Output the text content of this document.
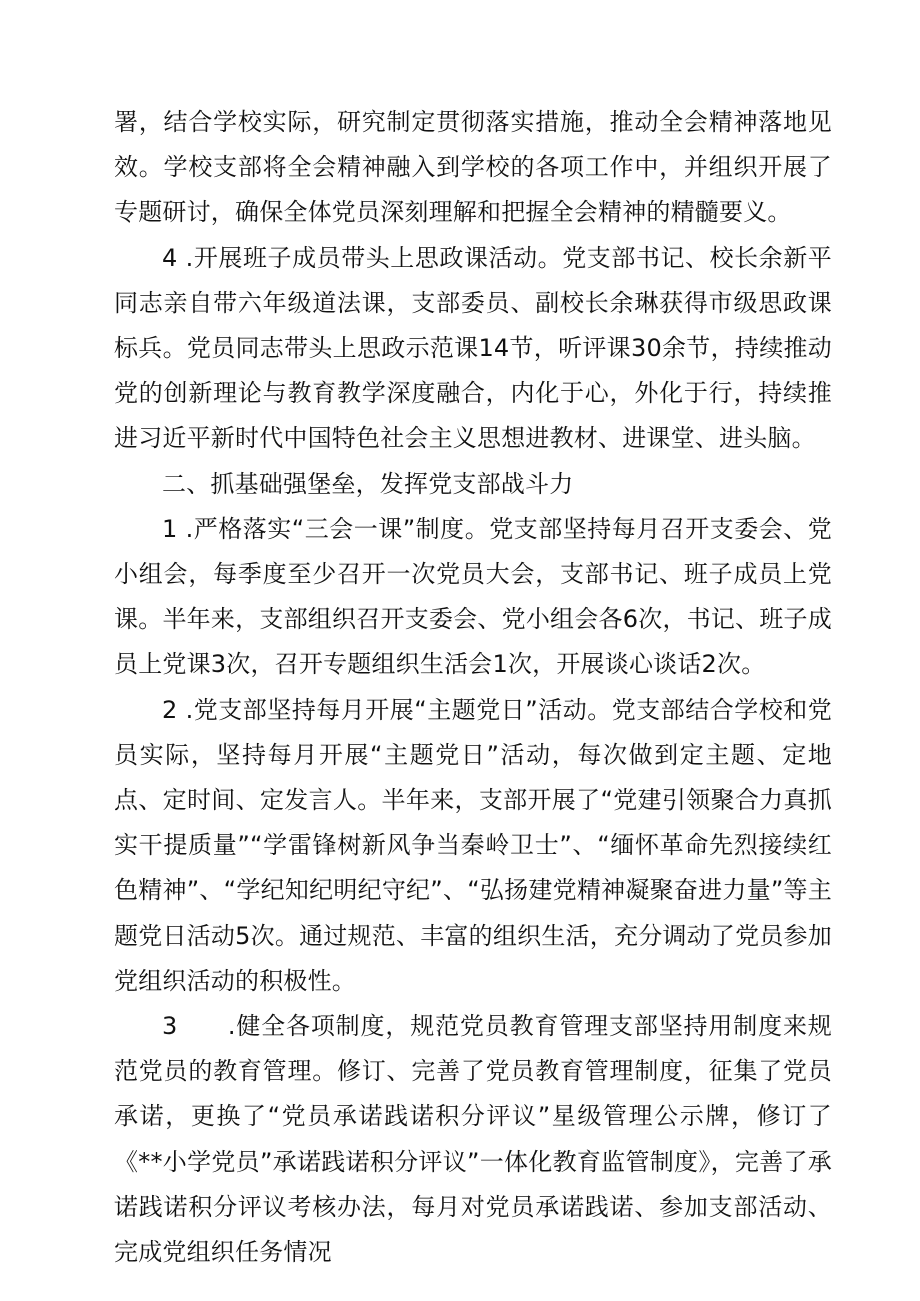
署，结合学校实际，研究制定贯彻落实措施，推动全会精神落地见效。学校支部将全会精神融入到学校的各项工作中，并组织开展了专题研讨，确保全体党员深刻理解和把握全会精神的精髓要义。

4 .开展班子成员带头上思政课活动。党支部书记、校长余新平同志亲自带六年级道法课，支部委员、副校长余琳获得市级思政课标兵。党员同志带头上思政示范课14节，听评课30余节，持续推动党的创新理论与教育教学深度融合，内化于心，外化于行，持续推进习近平新时代中国特色社会主义思想进教材、进课堂、进头脑。

二、抓基础强堡垒，发挥党支部战斗力

1 .严格落实“三会一课”制度。党支部坚持每月召开支委会、党小组会，每季度至少召开一次党员大会，支部书记、班子成员上党课。半年来，支部组织召开支委会、党小组会各6次，书记、班子成员上党课3次，召开专题组织生活会1次，开展谈心谈话2次。

2 .党支部坚持每月开展“主题党日”活动。党支部结合学校和党员实际，坚持每月开展“主题党日”活动，每次做到定主题、定地点、定时间、定发言人。半年来，支部开展了“党建引领聚合力真抓实干提质量”“学雷锋树新风争当秦岭卫士”、“缅怀革命先烈接续红色精神”、“学纪知纪明纪守纪”、“弘扬建党精神凝聚奋进力量”等主题党日活动5次。通过规范、丰富的组织生活，充分调动了党员参加党组织活动的积极性。

3　　.健全各项制度，规范党员教育管理支部坚持用制度来规范党员的教育管理。修订、完善了党员教育管理制度，征集了党员承诺，更换了“党员承诺践诺积分评议”星级管理公示牌，修订了《**小学党员”承诺践诺积分评议”一体化教育监管制度》，完善了承诺践诺积分评议考核办法，每月对党员承诺践诺、参加支部活动、完成党组织任务情况
